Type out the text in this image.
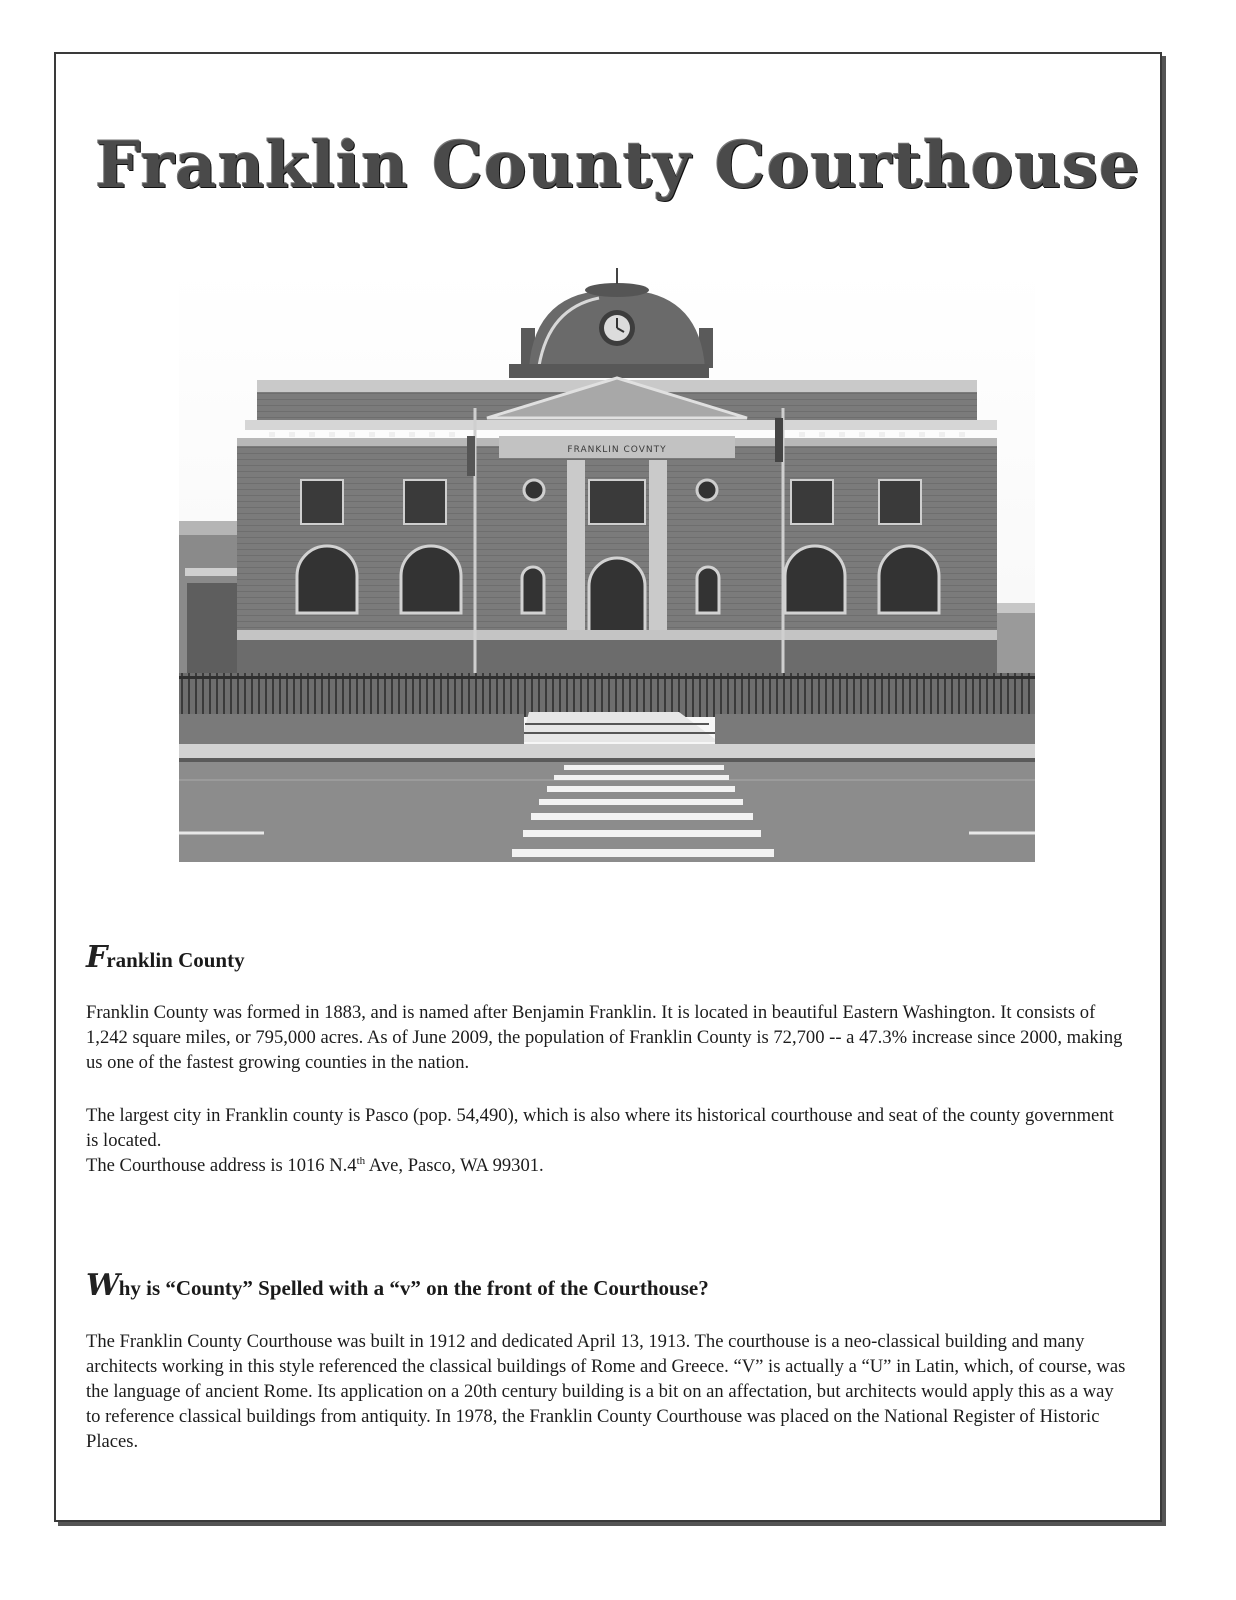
Franklin County Courthouse
FRANKLIN COVNTY
Franklin County

Franklin County was formed in 1883, and is named after Benjamin Franklin. It is located in beautiful Eastern Washington. It consists of 1,242 square miles, or 795,000 acres. As of June 2009, the population of Franklin County is 72,700 -- a 47.3% increase since 2000, making us one of the fastest growing counties in the nation.

The largest city in Franklin county is Pasco (pop. 54,490), which is also where its historical courthouse and seat of the county government is located.

The Courthouse address is 1016 N.4th Ave, Pasco, WA 99301.

Why is “County” Spelled with a “v” on the front of the Courthouse?

The Franklin County Courthouse was built in 1912 and dedicated April 13, 1913. The courthouse is a neo-classical building and many architects working in this style referenced the classical buildings of Rome and Greece. “V” is actually a “U” in Latin, which, of course, was the language of ancient Rome. Its application on a 20th century building is a bit on an affectation, but architects would apply this as a way to reference classical buildings from antiquity. In 1978, the Franklin County Courthouse was placed on the National Register of Historic Places.
